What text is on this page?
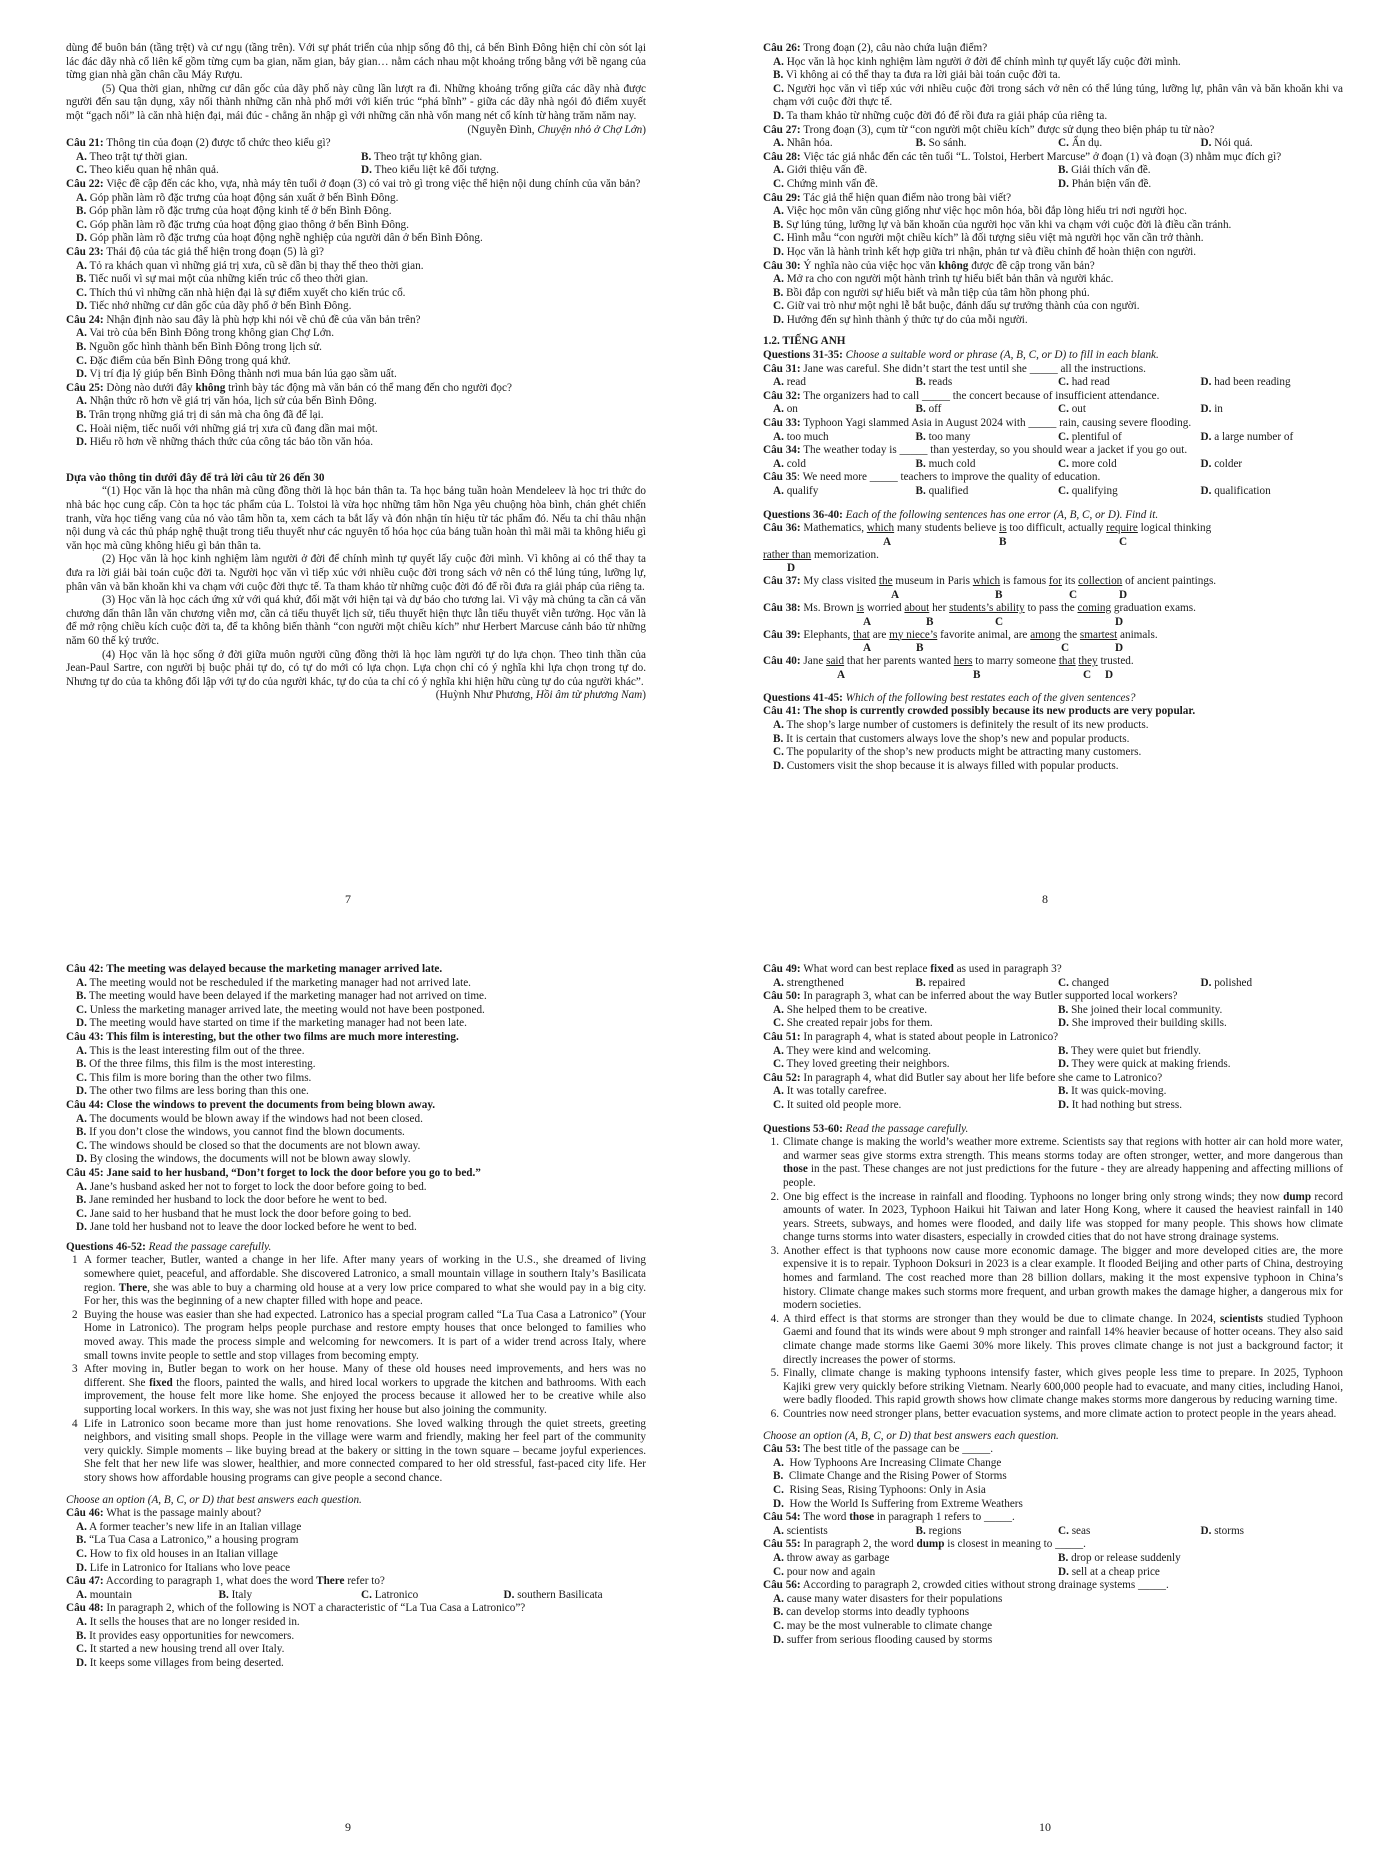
dùng để buôn bán (tầng trệt) và cư ngụ (tầng trên). Với sự phát triển của nhịp sống đô thị, cả bến Bình Đông hiện chỉ còn sót lại lác đác dãy nhà cổ liên kế gồm từng cụm ba gian, năm gian, bảy gian… nằm cách nhau một khoảng trống bằng với bề ngang của từng gian nhà gần chân cầu Máy Rượu.

(5) Qua thời gian, những cư dân gốc của dãy phố này cũng lần lượt ra đi. Những khoảng trống giữa các dãy nhà được người đến sau tận dụng, xây nối thành những căn nhà phố mới với kiến trúc “phá bĩnh” - giữa các dãy nhà ngói đỏ điểm xuyết một “gạch nối” là căn nhà hiện đại, mái đúc - chẳng ăn nhập gì với những căn nhà vốn mang nét cổ kính từ hàng trăm năm nay.

(Nguyễn Đình, Chuyện nhỏ ở Chợ Lớn)

Câu 21: Thông tin của đoạn (2) được tổ chức theo kiểu gì?
A. Theo trật tự thời gian.	B. Theo trật tự không gian.
C. Theo kiểu quan hệ nhân quả.	D. Theo kiểu liệt kê đối tượng.

Câu 22: Việc đề cập đến các kho, vựa, nhà máy tên tuổi ở đoạn (3) có vai trò gì trong việc thể hiện nội dung chính của văn bản?

A. Góp phần làm rõ đặc trưng của hoạt động sản xuất ở bến Bình Đông.
B. Góp phần làm rõ đặc trưng của hoạt động kinh tế ở bến Bình Đông.
C. Góp phần làm rõ đặc trưng của hoạt động giao thông ở bến Bình Đông.
D. Góp phần làm rõ đặc trưng của hoạt động nghề nghiệp của người dân ở bến Bình Đông.
Câu 23: Thái độ của tác giả thể hiện trong đoạn (5) là gì?
A. Tỏ ra khách quan vì những giá trị xưa, cũ sẽ dần bị thay thế theo thời gian.
B. Tiếc nuối vì sự mai một của những kiến trúc cổ theo thời gian.
C. Thích thú vì những căn nhà hiện đại là sự điểm xuyết cho kiến trúc cổ.
D. Tiếc nhớ những cư dân gốc của dãy phố ở bến Bình Đông.
Câu 24: Nhận định nào sau đây là phù hợp khi nói về chủ đề của văn bản trên?
A. Vai trò của bến Bình Đông trong không gian Chợ Lớn.
B. Nguồn gốc hình thành bến Bình Đông trong lịch sử.
C. Đặc điểm của bến Bình Đông trong quá khứ.
D. Vị trí địa lý giúp bến Bình Đông thành nơi mua bán lúa gạo sầm uất.
Câu 25: Dòng nào dưới đây không trình bày tác động mà văn bản có thể mang đến cho người đọc?
A. Nhận thức rõ hơn về giá trị văn hóa, lịch sử của bến Bình Đông.
B. Trân trọng những giá trị di sản mà cha ông đã để lại.
C. Hoài niệm, tiếc nuối với những giá trị xưa cũ đang dần mai một.
D. Hiểu rõ hơn về những thách thức của công tác bảo tồn văn hóa.

Dựa vào thông tin dưới đây để trả lời câu từ 26 đến 30

“(1) Học văn là học tha nhân mà cũng đồng thời là học bản thân ta. Ta học bảng tuần hoàn Mendeleev là học tri thức do nhà bác học cung cấp. Còn ta học tác phẩm của L. Tolstoi là vừa học những tâm hồn Nga yêu chuộng hòa bình, chán ghét chiến tranh, vừa học tiếng vang của nó vào tâm hồn ta, xem cách ta bắt lấy và đón nhận tín hiệu từ tác phẩm đó. Nếu ta chỉ thâu nhận nội dung và các thủ pháp nghệ thuật trong tiểu thuyết như các nguyên tố hóa học của bảng tuần hoàn thì mãi mãi ta không hiểu gì văn học mà cũng không hiểu gì bản thân ta.

(2) Học văn là học kinh nghiệm làm người ở đời để chính mình tự quyết lấy cuộc đời mình. Vì không ai có thể thay ta đưa ra lời giải bài toán cuộc đời ta. Người học văn vì tiếp xúc với nhiều cuộc đời trong sách vở nên có thể lúng túng, lưỡng lự, phân vân và băn khoăn khi va chạm với cuộc đời thực tế. Ta tham khảo từ những cuộc đời đó để rồi đưa ra giải pháp của riêng ta.

(3) Học văn là học cách ứng xử với quá khứ, đối mặt với hiện tại và dự báo cho tương lai. Vì vậy mà chúng ta cần cả văn chương dấn thân lẫn văn chương viễn mơ, cần cả tiểu thuyết lịch sử, tiểu thuyết hiện thực lẫn tiểu thuyết viễn tưởng. Học văn là để mở rộng chiều kích cuộc đời ta, để ta không biến thành “con người một chiều kích” như Herbert Marcuse cảnh báo từ những năm 60 thế kỷ trước.

(4) Học văn là học sống ở đời giữa muôn người cũng đồng thời là học làm người tự do lựa chọn. Theo tinh thần của Jean-Paul Sartre, con người bị buộc phải tự do, có tự do mới có lựa chọn. Lựa chọn chỉ có ý nghĩa khi lựa chọn trong tự do. Nhưng tự do của ta không đối lập với tự do của người khác, tự do của ta chỉ có ý nghĩa khi hiện hữu cùng tự do của người khác”.

(Huỳnh Như Phương, Hồi âm từ phương Nam)

7
Câu 26: Trong đoạn (2), câu nào chứa luận điểm?
A. Học văn là học kinh nghiệm làm người ở đời để chính mình tự quyết lấy cuộc đời mình.
B. Vì không ai có thể thay ta đưa ra lời giải bài toán cuộc đời ta.
C. Người học văn vì tiếp xúc với nhiều cuộc đời trong sách vở nên có thể lúng túng, lưỡng lự, phân vân và băn khoăn khi va chạm với cuộc đời thực tế.
D. Ta tham khảo từ những cuộc đời đó để rồi đưa ra giải pháp của riêng ta.
Câu 27: Trong đoạn (3), cụm từ “con người một chiều kích” được sử dụng theo biện pháp tu từ nào?
A. Nhân hóa.	B. So sánh.	C. Ẩn dụ.	D. Nói quá.

Câu 28: Việc tác giả nhắc đến các tên tuổi “L. Tolstoi, Herbert Marcuse” ở đoạn (1) và đoạn (3) nhằm mục đích gì?

A. Giới thiệu vấn đề.	B. Giải thích vấn đề.
C. Chứng minh vấn đề.	D. Phản biện vấn đề.
Câu 29: Tác giả thể hiện quan điểm nào trong bài viết?
A. Việc học môn văn cũng giống như việc học môn hóa, bồi đắp lòng hiếu tri nơi người học.
B. Sự lúng túng, lưỡng lự và băn khoăn của người học văn khi va chạm với cuộc đời là điều cần tránh.
C. Hình mẫu “con người một chiều kích” là đối tượng siêu việt mà người học văn cần trở thành.
D. Học văn là hành trình kết hợp giữa tri nhận, phản tư và điều chỉnh để hoàn thiện con người.
Câu 30: Ý nghĩa nào của việc học văn không được đề cập trong văn bản?
A. Mở ra cho con người một hành trình tự hiểu biết bản thân và người khác.
B. Bồi đắp con người sự hiểu biết và mẫn tiệp của tâm hồn phong phú.
C. Giữ vai trò như một nghi lễ bắt buộc, đánh dấu sự trưởng thành của con người.
D. Hướng đến sự hình thành ý thức tự do của mỗi người.

1.2. TIẾNG ANH

Questions 31-35: Choose a suitable word or phrase (A, B, C, or D) to fill in each blank.

Câu 31: Jane was careful. She didn’t start the test until she _____ all the instructions.
A. read	B. reads	C. had read	D. had been reading
Câu 32: The organizers had to call _____ the concert because of insufficient attendance.
A. on	B. off	C. out	D. in
Câu 33: Typhoon Yagi slammed Asia in August 2024 with _____ rain, causing severe flooding.
A. too much	B. too many	C. plentiful of	D. a large number of
Câu 34: The weather today is _____ than yesterday, so you should wear a jacket if you go out.
A. cold	B. much cold	C. more cold	D. colder
Câu 35: We need more _____ teachers to improve the quality of education.
A. qualify	B. qualified	C. qualifying	D. qualification

Questions 36-40: Each of the following sentences has one error (A, B, C, or D). Find it.

Câu 36: Mathematics, which many students believe is too difficult, actually require logical thinking
A	B	C
rather than memorization.
D
Câu 37: My class visited the museum in Paris which is famous for its collection of ancient paintings.
A	B	C	D
Câu 38: Ms. Brown is worried about her students’s ability to pass the coming graduation exams.
A	B	C	D
Câu 39: Elephants, that are my niece’s favorite animal, are among the smartest animals.
A	B	C	D
Câu 40: Jane said that her parents wanted hers to marry someone that they trusted.
A	B	C D

Questions 41-45: Which of the following best restates each of the given sentences?

Câu 41: The shop is currently crowded possibly because its new products are very popular.
A. The shop’s large number of customers is definitely the result of its new products.
B. It is certain that customers always love the shop’s new and popular products.
C. The popularity of the shop’s new products might be attracting many customers.
D. Customers visit the shop because it is always filled with popular products.
8
Câu 42: The meeting was delayed because the marketing manager arrived late.
A. The meeting would not be rescheduled if the marketing manager had not arrived late.
B. The meeting would have been delayed if the marketing manager had not arrived on time.
C. Unless the marketing manager arrived late, the meeting would not have been postponed.
D. The meeting would have started on time if the marketing manager had not been late.
Câu 43: This film is interesting, but the other two films are much more interesting.
A. This is the least interesting film out of the three.
B. Of the three films, this film is the most interesting.
C. This film is more boring than the other two films.
D. The other two films are less boring than this one.
Câu 44: Close the windows to prevent the documents from being blown away.
A. The documents would be blown away if the windows had not been closed.
B. If you don’t close the windows, you cannot find the blown documents.
C. The windows should be closed so that the documents are not blown away.
D. By closing the windows, the documents will not be blown away slowly.
Câu 45: Jane said to her husband, “Don’t forget to lock the door before you go to bed.”
A. Jane’s husband asked her not to forget to lock the door before going to bed.
B. Jane reminded her husband to lock the door before he went to bed.
C. Jane said to her husband that he must lock the door before going to bed.
D. Jane told her husband not to leave the door locked before he went to bed.

Questions 46-52: Read the passage carefully.

1 A former teacher, Butler, wanted a change in her life. After many years of working in the U.S., she dreamed of living somewhere quiet, peaceful, and affordable. She discovered Latronico, a small mountain village in southern Italy’s Basilicata region. There, she was able to buy a charming old house at a very low price compared to what she would pay in a big city. For her, this was the beginning of a new chapter filled with hope and peace.
2 Buying the house was easier than she had expected. Latronico has a special program called “La Tua Casa a Latronico” (Your Home in Latronico). The program helps people purchase and restore empty houses that once belonged to families who moved away. This made the process simple and welcoming for newcomers. It is part of a wider trend across Italy, where small towns invite people to settle and stop villages from becoming empty.
3 After moving in, Butler began to work on her house. Many of these old houses need improvements, and hers was no different. She fixed the floors, painted the walls, and hired local workers to upgrade the kitchen and bathrooms. With each improvement, the house felt more like home. She enjoyed the process because it allowed her to be creative while also supporting local workers. In this way, she was not just fixing her house but also joining the community.
4 Life in Latronico soon became more than just home renovations. She loved walking through the quiet streets, greeting neighbors, and visiting small shops. People in the village were warm and friendly, making her feel part of the community very quickly. Simple moments – like buying bread at the bakery or sitting in the town square – became joyful experiences. She felt that her new life was slower, healthier, and more connected compared to her old stressful, fast-paced city life. Her story shows how affordable housing programs can give people a second chance.

Choose an option (A, B, C, or D) that best answers each question.

Câu 46: What is the passage mainly about?
A. A former teacher’s new life in an Italian village
B. “La Tua Casa a Latronico,” a housing program
C. How to fix old houses in an Italian village
D. Life in Latronico for Italians who love peace
Câu 47: According to paragraph 1, what does the word There refer to?
A. mountain	B. Italy	C. Latronico	D. southern Basilicata
Câu 48: In paragraph 2, which of the following is NOT a characteristic of “La Tua Casa a Latronico”?
A. It sells the houses that are no longer resided in.
B. It provides easy opportunities for newcomers.
C. It started a new housing trend all over Italy.
D. It keeps some villages from being deserted.
9
Câu 49: What word can best replace fixed as used in paragraph 3?
A. strengthened	B. repaired	C. changed	D. polished
Câu 50: In paragraph 3, what can be inferred about the way Butler supported local workers?
A. She helped them to be creative.	B. She joined their local community.
C. She created repair jobs for them.	D. She improved their building skills.
Câu 51: In paragraph 4, what is stated about people in Latronico?
A. They were kind and welcoming.	B. They were quiet but friendly.
C. They loved greeting their neighbors.	D. They were quick at making friends.
Câu 52: In paragraph 4, what did Butler say about her life before she came to Latronico?
A. It was totally carefree.	B. It was quick-moving.
C. It suited old people more.	D. It had nothing but stress.

Questions 53-60: Read the passage carefully.

1. Climate change is making the world’s weather more extreme. Scientists say that regions with hotter air can hold more water, and warmer seas give storms extra strength. This means storms today are often stronger, wetter, and more dangerous than those in the past. These changes are not just predictions for the future - they are already happening and affecting millions of people.
2. One big effect is the increase in rainfall and flooding. Typhoons no longer bring only strong winds; they now dump record amounts of water. In 2023, Typhoon Haikui hit Taiwan and later Hong Kong, where it caused the heaviest rainfall in 140 years. Streets, subways, and homes were flooded, and daily life was stopped for many people. This shows how climate change turns storms into water disasters, especially in crowded cities that do not have strong drainage systems.
3. Another effect is that typhoons now cause more economic damage. The bigger and more developed cities are, the more expensive it is to repair. Typhoon Doksuri in 2023 is a clear example. It flooded Beijing and other parts of China, destroying homes and farmland. The cost reached more than 28 billion dollars, making it the most expensive typhoon in China’s history. Climate change makes such storms more frequent, and urban growth makes the damage higher, a dangerous mix for modern societies.
4. A third effect is that storms are stronger than they would be due to climate change. In 2024, scientists studied Typhoon Gaemi and found that its winds were about 9 mph stronger and rainfall 14% heavier because of hotter oceans. They also said climate change made storms like Gaemi 30% more likely. This proves climate change is not just a background factor; it directly increases the power of storms.
5. Finally, climate change is making typhoons intensify faster, which gives people less time to prepare. In 2025, Typhoon Kajiki grew very quickly before striking Vietnam. Nearly 600,000 people had to evacuate, and many cities, including Hanoi, were badly flooded. This rapid growth shows how climate change makes storms more dangerous by reducing warning time.
6. Countries now need stronger plans, better evacuation systems, and more climate action to protect people in the years ahead.

Choose an option (A, B, C, or D) that best answers each question.

Câu 53: The best title of the passage can be _____.
A. How Typhoons Are Increasing Climate Change
B. Climate Change and the Rising Power of Storms
C. Rising Seas, Rising Typhoons: Only in Asia
D. How the World Is Suffering from Extreme Weathers
Câu 54: The word those in paragraph 1 refers to _____.
A. scientists	B. regions	C. seas	D. storms
Câu 55: In paragraph 2, the word dump is closest in meaning to _____.
A. throw away as garbage	B. drop or release suddenly
C. pour now and again	D. sell at a cheap price
Câu 56: According to paragraph 2, crowded cities without strong drainage systems _____.
A. cause many water disasters for their populations
B. can develop storms into deadly typhoons
C. may be the most vulnerable to climate change
D. suffer from serious flooding caused by storms
10
